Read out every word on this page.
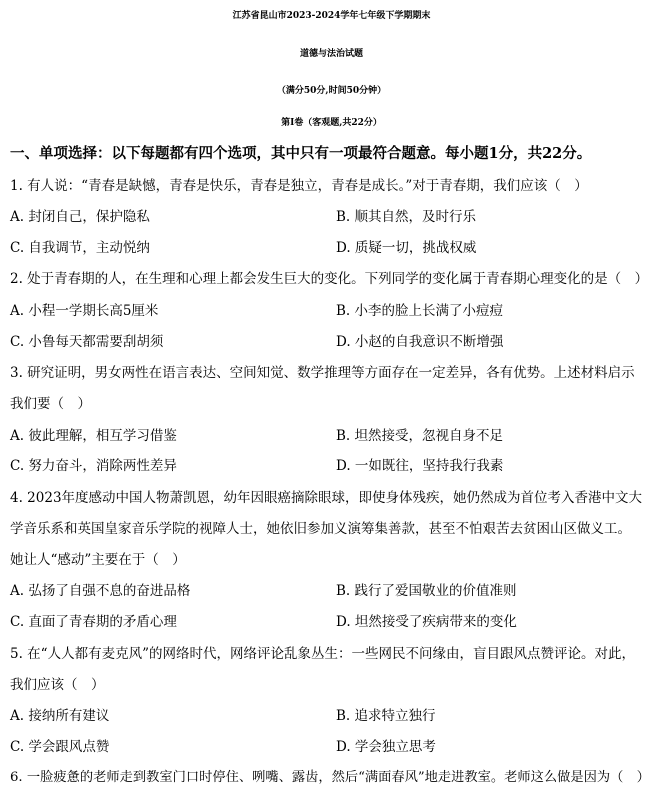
江苏省昆山市2023-2024学年七年级下学期期末
道德与法治试题
（满分50分,时间50分钟）
第Ⅰ卷（客观题,共22分）
一、单项选择：以下每题都有四个选项，其中只有一项最符合题意。每小题1分，共22分。
1. 有人说：“青春是缺憾，青春是快乐，青春是独立，青春是成长。”对于青春期，我们应该（　）
A. 封闭自己，保护隐私	B. 顺其自然，及时行乐
C. 自我调节，主动悦纳	D. 质疑一切，挑战权威
2. 处于青春期的人，在生理和心理上都会发生巨大的变化。下列同学的变化属于青春期心理变化的是（　）
A. 小程一学期长高5厘米	B. 小李的脸上长满了小痘痘
C. 小鲁每天都需要刮胡须	D. 小赵的自我意识不断增强
3. 研究证明，男女两性在语言表达、空间知觉、数学推理等方面存在一定差异，各有优势。上述材料启示
我们要（　）
A. 彼此理解，相互学习借鉴	B. 坦然接受，忽视自身不足
C. 努力奋斗，消除两性差异	D. 一如既往，坚持我行我素
4. 2023年度感动中国人物萧凯恩，幼年因眼癌摘除眼球，即使身体残疾，她仍然成为首位考入香港中文大
学音乐系和英国皇家音乐学院的视障人士，她依旧参加义演筹集善款，甚至不怕艰苦去贫困山区做义工。
她让人“感动”主要在于（　）
A. 弘扬了自强不息的奋进品格	B. 践行了爱国敬业的价值准则
C. 直面了青春期的矛盾心理	D. 坦然接受了疾病带来的变化
5. 在“人人都有麦克风”的网络时代，网络评论乱象丛生：一些网民不问缘由，盲目跟风点赞评论。对此，
我们应该（　）
A. 接纳所有建议	B. 追求特立独行
C. 学会跟风点赞	D. 学会独立思考
6. 一脸疲惫的老师走到教室门口时停住、咧嘴、露齿，然后“满面春风”地走进教室。老师这么做是因为（　）
